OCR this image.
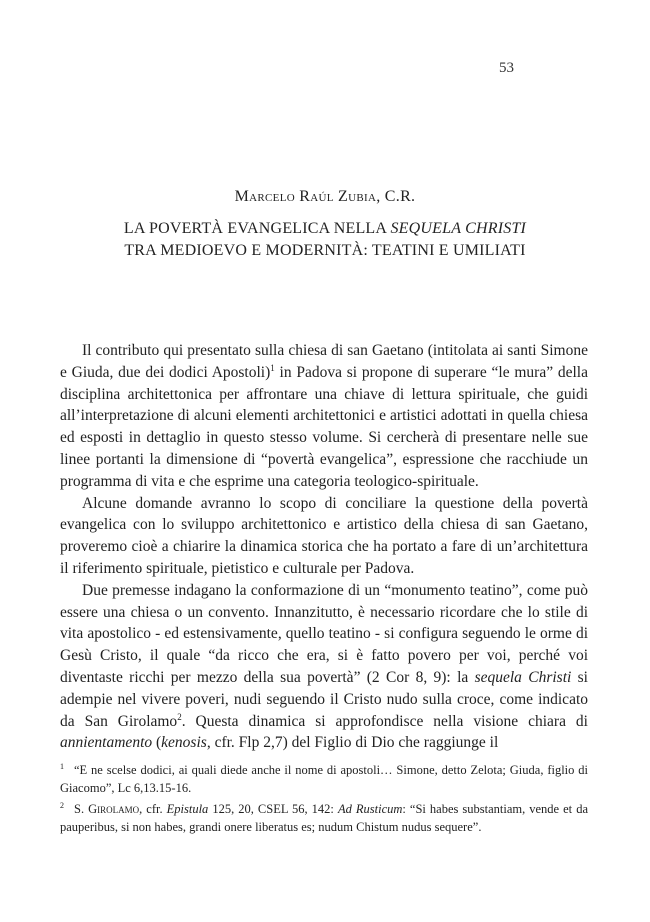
53
Marcelo Raúl Zubia, C.R.
LA POVERTÀ EVANGELICA NELLA SEQUELA CHRISTI
TRA MEDIOEVO E MODERNITÀ: TEATINI E UMILIATI

Il contributo qui presentato sulla chiesa di san Gaetano (intitolata ai santi Simone e Giuda, due dei dodici Apostoli)$^1$ in Padova si propone di superare “le mura” della disciplina architettonica per affrontare una chiave di lettura spirituale, che guidi all’interpretazione di alcuni elementi architettonici e artistici adottati in quella chiesa ed esposti in dettaglio in questo stesso volume. Si cercherà di presentare nelle sue linee portanti la dimensione di “povertà evangelica”, espressione che racchiude un programma di vita e che esprime una categoria teologico-spirituale.

Alcune domande avranno lo scopo di conciliare la questione della povertà evangelica con lo sviluppo architettonico e artistico della chiesa di san Gaetano, proveremo cioè a chiarire la dinamica storica che ha portato a fare di un’architettura il riferimento spirituale, pietistico e culturale per Padova.

Due premesse indagano la conformazione di un “monumento teatino”, come può essere una chiesa o un convento. Innanzitutto, è necessario ricordare che lo stile di vita apostolico - ed estensivamente, quello teatino - si configura seguendo le orme di Gesù Cristo, il quale “da ricco che era, si è fatto povero per voi, perché voi diventaste ricchi per mezzo della sua povertà” (2 Cor 8, 9): la sequela Christi si adempie nel vivere poveri, nudi seguendo il Cristo nudo sulla croce, come indicato da San Girolamo$^2$. Questa dinamica si approfondisce nella visione chiara di annientamento (kenosis, cfr. Flp 2,7) del Figlio di Dio che raggiunge il

$^1$ “E ne scelse dodici, ai quali diede anche il nome di apostoli… Simone, detto Zelota; Giuda, figlio di Giacomo”, Lc 6,13.15-16.

$^2$ S. Girolamo, cfr. Epistula 125, 20, CSEL 56, 142: Ad Rusticum: “Si habes substantiam, vende et da pauperibus, si non habes, grandi onere liberatus es; nudum Chistum nudus sequere”.
